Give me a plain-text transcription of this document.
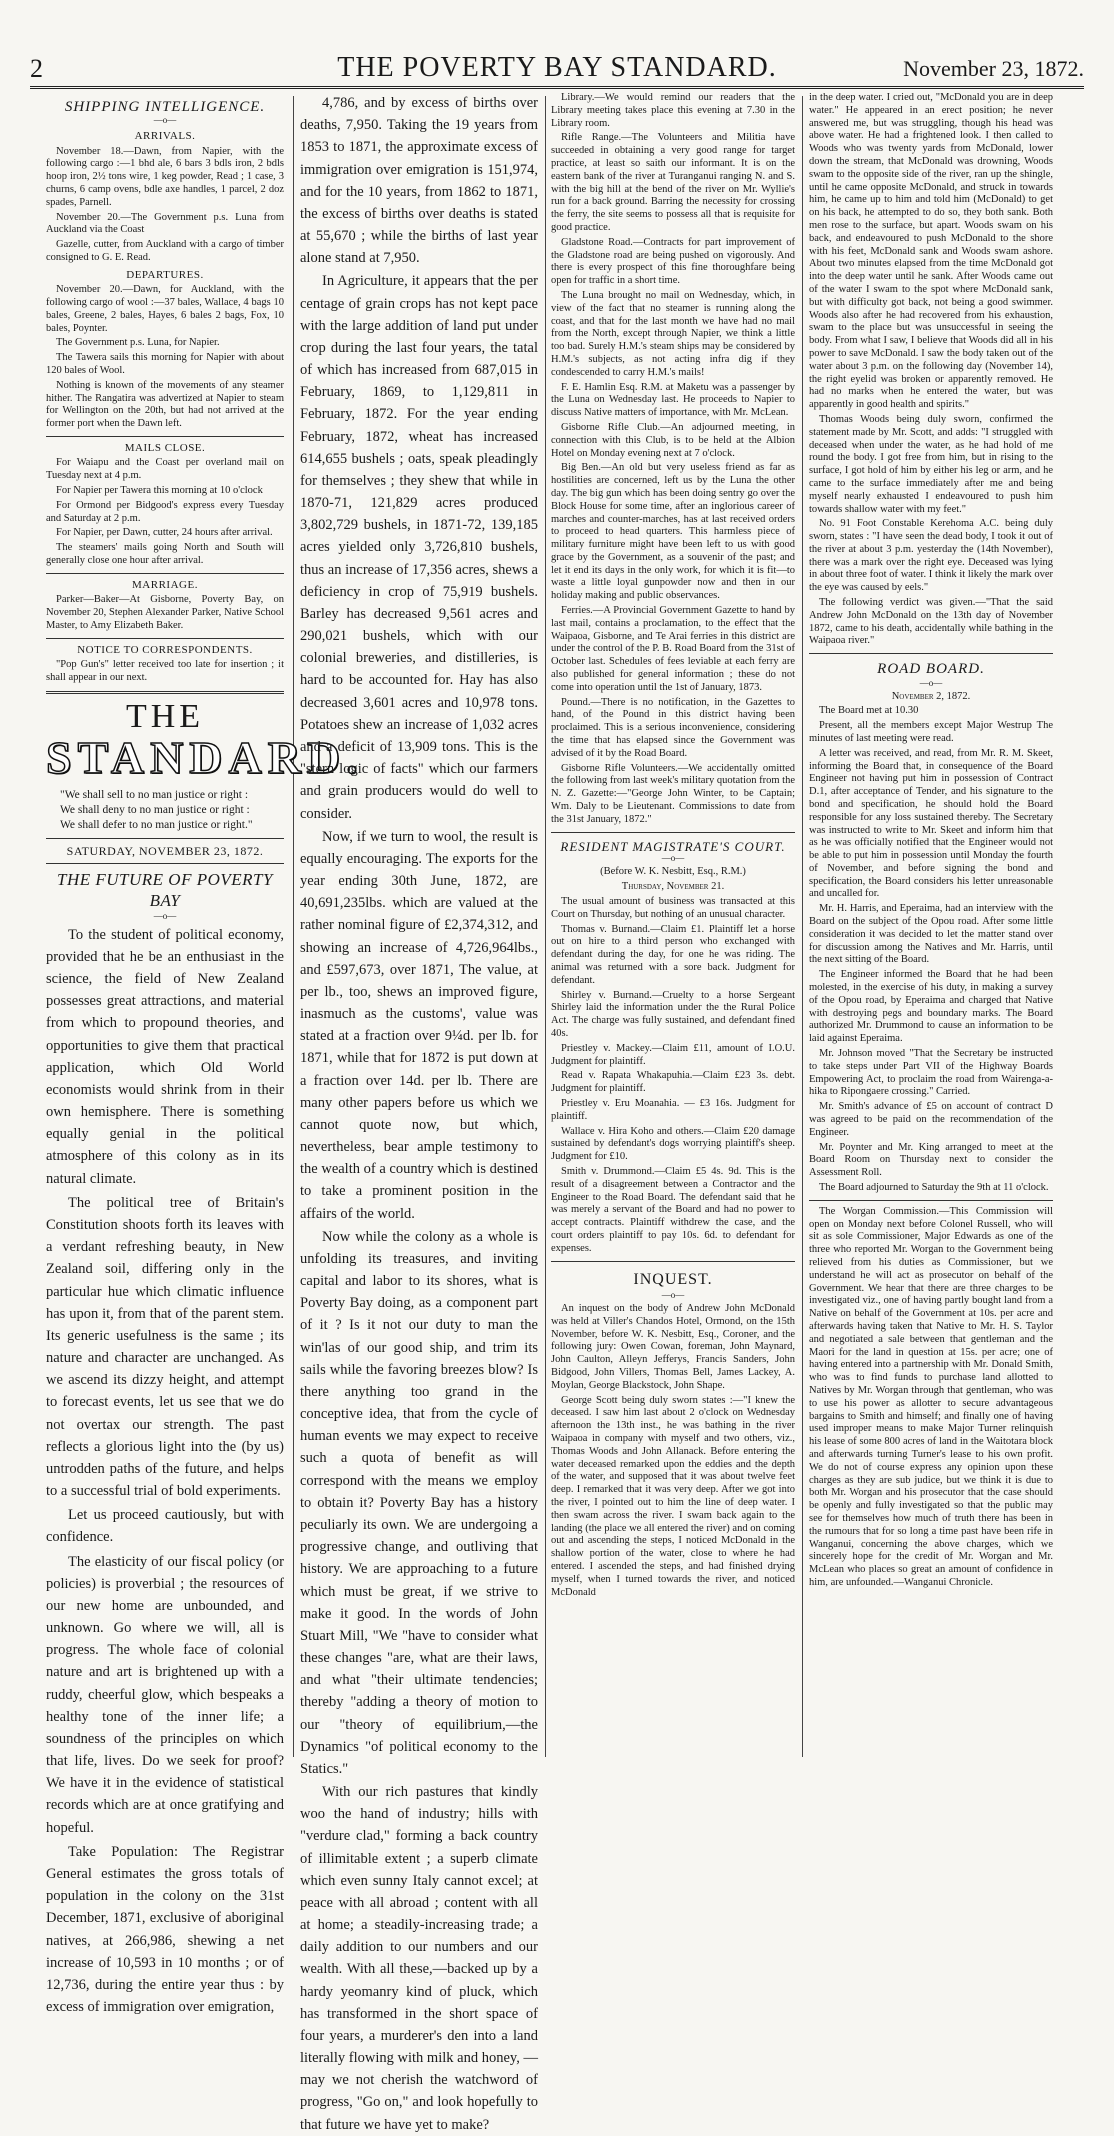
2	THE POVERTY BAY STANDARD.	November 23, 1872.
SHIPPING INTELLIGENCE.
—o—
ARRIVALS.

November 18.—Dawn, from Napier, with the following cargo :—1 bhd ale, 6 bars 3 bdls iron, 2 bdls hoop iron, 2½ tons wire, 1 keg powder, Read ; 1 case, 3 churns, 6 camp ovens, bdle axe handles, 1 parcel, 2 doz spades, Parnell.

November 20.—The Government p.s. Luna from Auckland via the Coast

Gazelle, cutter, from Auckland with a cargo of timber consigned to G. E. Read.

DEPARTURES.

November 20.—Dawn, for Auckland, with the following cargo of wool :—37 bales, Wallace, 4 bags 10 bales, Greene, 2 bales, Hayes, 6 bales 2 bags, Fox, 10 bales, Poynter.

The Government p.s. Luna, for Napier.

The Tawera sails this morning for Napier with about 120 bales of Wool.

Nothing is known of the movements of any steamer hither. The Rangatira was advertized at Napier to steam for Wellington on the 20th, but had not arrived at the former port when the Dawn left.

MAILS CLOSE.

For Waiapu and the Coast per overland mail on Tuesday next at 4 p.m.

For Napier per Tawera this morning at 10 o'clock

For Ormond per Bidgood's express every Tuesday and Saturday at 2 p.m.

For Napier, per Dawn, cutter, 24 hours after arrival.

The steamers' mails going North and South will generally close one hour after arrival.

MARRIAGE.

Parker—Baker—At Gisborne, Poverty Bay, on November 20, Stephen Alexander Parker, Native School Master, to Amy Elizabeth Baker.

NOTICE TO CORRESPONDENTS.

"Pop Gun's" letter received too late for insertion ; it shall appear in our next.

THE
STANDARD.
"We shall sell to no man justice or right :
We shall deny to no man justice or right :
We shall defer to no man justice or right."
SATURDAY, NOVEMBER 23, 1872.
THE FUTURE OF POVERTY BAY
—o—

To the student of political economy, provided that he be an enthusiast in the science, the field of New Zealand possesses great attractions, and material from which to propound theories, and opportunities to give them that practical application, which Old World economists would shrink from in their own hemisphere. There is something equally genial in the political atmosphere of this colony as in its natural climate.

The political tree of Britain's Constitution shoots forth its leaves with a verdant refreshing beauty, in New Zealand soil, differing only in the particular hue which climatic influence has upon it, from that of the parent stem. Its generic usefulness is the same ; its nature and character are unchanged. As we ascend its dizzy height, and attempt to forecast events, let us see that we do not overtax our strength. The past reflects a glorious light into the (by us) untrodden paths of the future, and helps to a successful trial of bold experiments.

Let us proceed cautiously, but with confidence.

The elasticity of our fiscal policy (or policies) is proverbial ; the resources of our new home are unbounded, and unknown. Go where we will, all is progress. The whole face of colonial nature and art is brightened up with a ruddy, cheerful glow, which bespeaks a healthy tone of the inner life; a soundness of the principles on which that life, lives. Do we seek for proof? We have it in the evidence of statistical records which are at once gratifying and hopeful.

Take Population: The Registrar General estimates the gross totals of population in the colony on the 31st December, 1871, exclusive of aboriginal natives, at 266,986, shewing a net increase of 10,593 in 10 months ; or of 12,736, during the entire year thus : by excess of immigration over emigration,

4,786, and by excess of births over deaths, 7,950. Taking the 19 years from 1853 to 1871, the approximate excess of immigration over emigration is 151,974, and for the 10 years, from 1862 to 1871, the excess of births over deaths is stated at 55,670 ; while the births of last year alone stand at 7,950.

In Agriculture, it appears that the per centage of grain crops has not kept pace with the large addition of land put under crop during the last four years, the tatal of which has increased from 687,015 in February, 1869, to 1,129,811 in February, 1872. For the year ending February, 1872, wheat has increased 614,655 bushels ; oats, speak pleadingly for themselves ; they shew that while in 1870-71, 121,829 acres produced 3,802,729 bushels, in 1871-72, 139,185 acres yielded only 3,726,810 bushels, thus an increase of 17,356 acres, shews a deficiency in crop of 75,919 bushels. Barley has decreased 9,561 acres and 290,021 bushels, which with our colonial breweries, and distilleries, is hard to be accounted for. Hay has also decreased 3,601 acres and 10,978 tons. Potatoes shew an increase of 1,032 acres and a deficit of 13,909 tons. This is the "stern logic of facts" which our farmers and grain producers would do well to consider.

Now, if we turn to wool, the result is equally encouraging. The exports for the year ending 30th June, 1872, are 40,691,235lbs. which are valued at the rather nominal figure of £2,374,312, and showing an increase of 4,726,964lbs., and £597,673, over 1871, The value, at per lb., too, shews an improved figure, inasmuch as the customs', value was stated at a fraction over 9¼d. per lb. for 1871, while that for 1872 is put down at a fraction over 14d. per lb. There are many other papers before us which we cannot quote now, but which, nevertheless, bear ample testimony to the wealth of a country which is destined to take a prominent position in the affairs of the world.

Now while the colony as a whole is unfolding its treasures, and inviting capital and labor to its shores, what is Poverty Bay doing, as a component part of it ? Is it not our duty to man the win'las of our good ship, and trim its sails while the favoring breezes blow? Is there anything too grand in the conceptive idea, that from the cycle of human events we may expect to receive such a quota of benefit as will correspond with the means we employ to obtain it? Poverty Bay has a history peculiarly its own. We are undergoing a progressive change, and outliving that history. We are approaching to a future which must be great, if we strive to make it good. In the words of John Stuart Mill, "We "have to consider what these changes "are, what are their laws, and what "their ultimate tendencies; thereby "adding a theory of motion to our "theory of equilibrium,—the Dynamics "of political economy to the Statics."

With our rich pastures that kindly woo the hand of industry; hills with "verdure clad," forming a back country of illimitable extent ; a superb climate which even sunny Italy cannot excel; at peace with all abroad ; content with all at home; a steadily-increasing trade; a daily addition to our numbers and our wealth. With all these,—backed up by a hardy yeomanry kind of pluck, which has transformed in the short space of four years, a murderer's den into a land literally flowing with milk and honey, —may we not cherish the watchword of progress, "Go on," and look hopefully to that future we have yet to make?

Library.—We would remind our readers that the Library meeting takes place this evening at 7.30 in the Library room.

Rifle Range.—The Volunteers and Militia have succeeded in obtaining a very good range for target practice, at least so saith our informant. It is on the eastern bank of the river at Turanganui ranging N. and S. with the big hill at the bend of the river on Mr. Wyllie's run for a back ground. Barring the necessity for crossing the ferry, the site seems to possess all that is requisite for good practice.

Gladstone Road.—Contracts for part improvement of the Gladstone road are being pushed on vigorously. And there is every prospect of this fine thoroughfare being open for traffic in a short time.

The Luna brought no mail on Wednesday, which, in view of the fact that no steamer is running along the coast, and that for the last month we have had no mail from the North, except through Napier, we think a little too bad. Surely H.M.'s steam ships may be considered by H.M.'s subjects, as not acting infra dig if they condescended to carry H.M.'s mails!

F. E. Hamlin Esq. R.M. at Maketu was a passenger by the Luna on Wednesday last. He proceeds to Napier to discuss Native matters of importance, with Mr. McLean.

Gisborne Rifle Club.—An adjourned meeting, in connection with this Club, is to be held at the Albion Hotel on Monday evening next at 7 o'clock.

Big Ben.—An old but very useless friend as far as hostilities are concerned, left us by the Luna the other day. The big gun which has been doing sentry go over the Block House for some time, after an inglorious career of marches and counter-marches, has at last received orders to proceed to head quarters. This harmless piece of military furniture might have been left to us with good grace by the Government, as a souvenir of the past; and let it end its days in the only work, for which it is fit—to waste a little loyal gunpowder now and then in our holiday making and public observances.

Ferries.—A Provincial Government Gazette to hand by last mail, contains a proclamation, to the effect that the Waipaoa, Gisborne, and Te Arai ferries in this district are under the control of the P. B. Road Board from the 31st of October last. Schedules of fees leviable at each ferry are also published for general information ; these do not come into operation until the 1st of January, 1873.

Pound.—There is no notification, in the Gazettes to hand, of the Pound in this district having been proclaimed. This is a serious inconvenience, considering the time that has elapsed since the Government was advised of it by the Road Board.

Gisborne Rifle Volunteers.—We accidentally omitted the following from last week's military quotation from the N. Z. Gazette:—"George John Winter, to be Captain; Wm. Daly to be Lieutenant. Commissions to date from the 31st January, 1872."

RESIDENT MAGISTRATE'S COURT.
—o—

(Before W. K. Nesbitt, Esq., R.M.)

Thursday, November 21.

The usual amount of business was transacted at this Court on Thursday, but nothing of an unusual character.

Thomas v. Burnand.—Claim £1. Plaintiff let a horse out on hire to a third person who exchanged with defendant during the day, for one he was riding. The animal was returned with a sore back. Judgment for defendant.

Shirley v. Burnand.—Cruelty to a horse Sergeant Shirley laid the information under the the Rural Police Act. The charge was fully sustained, and defendant fined 40s.

Priestley v. Mackey.—Claim £11, amount of I.O.U. Judgment for plaintiff.

Read v. Rapata Whakapuhia.—Claim £23 3s. debt. Judgment for plaintiff.

Priestley v. Eru Moanahia. — £3 16s. Judgment for plaintiff.

Wallace v. Hira Koho and others.—Claim £20 damage sustained by defendant's dogs worrying plaintiff's sheep. Judgment for £10.

Smith v. Drummond.—Claim £5 4s. 9d. This is the result of a disagreement between a Contractor and the Engineer to the Road Board. The defendant said that he was merely a servant of the Board and had no power to accept contracts. Plaintiff withdrew the case, and the court orders plaintiff to pay 10s. 6d. to defendant for expenses.

INQUEST.
—o—

An inquest on the body of Andrew John McDonald was held at Viller's Chandos Hotel, Ormond, on the 15th November, before W. K. Nesbitt, Esq., Coroner, and the following jury: Owen Cowan, foreman, John Maynard, John Caulton, Alleyn Jefferys, Francis Sanders, John Bidgood, John Villers, Thomas Bell, James Lackey, A. Moylan, George Blackstock, John Shape.

George Scott being duly sworn states :—"I knew the deceased. I saw him last about 2 o'clock on Wednesday afternoon the 13th inst., he was bathing in the river Waipaoa in company with myself and two others, viz., Thomas Woods and John Allanack. Before entering the water deceased remarked upon the eddies and the depth of the water, and supposed that it was about twelve feet deep. I remarked that it was very deep. After we got into the river, I pointed out to him the line of deep water. I then swam across the river. I swam back again to the landing (the place we all entered the river) and on coming out and ascending the steps, I noticed McDonald in the shallow portion of the water, close to where he had entered. I ascended the steps, and had finished drying myself, when I turned towards the river, and noticed McDonald

in the deep water. I cried out, "McDonald you are in deep water." He appeared in an erect position; he never answered me, but was struggling, though his head was above water. He had a frightened look. I then called to Woods who was twenty yards from McDonald, lower down the stream, that McDonald was drowning, Woods swam to the opposite side of the river, ran up the shingle, until he came opposite McDonald, and struck in towards him, he came up to him and told him (McDonald) to get on his back, he attempted to do so, they both sank. Both men rose to the surface, but apart. Woods swam on his back, and endeavoured to push McDonald to the shore with his feet, McDonald sank and Woods swam ashore. About two minutes elapsed from the time McDonald got into the deep water until he sank. After Woods came out of the water I swam to the spot where McDonald sank, but with difficulty got back, not being a good swimmer. Woods also after he had recovered from his exhaustion, swam to the place but was unsuccessful in seeing the body. From what I saw, I believe that Woods did all in his power to save McDonald. I saw the body taken out of the water about 3 p.m. on the following day (November 14), the right eyelid was broken or apparently removed. He had no marks when he entered the water, but was apparently in good health and spirits."

Thomas Woods being duly sworn, confirmed the statement made by Mr. Scott, and adds: "I struggled with deceased when under the water, as he had hold of me round the body. I got free from him, but in rising to the surface, I got hold of him by either his leg or arm, and he came to the surface immediately after me and being myself nearly exhausted I endeavoured to push him towards shallow water with my feet."

No. 91 Foot Constable Kerehoma A.C. being duly sworn, states : "I have seen the dead body, I took it out of the river at about 3 p.m. yesterday the (14th November), there was a mark over the right eye. Deceased was lying in about three foot of water. I think it likely the mark over the eye was caused by eels."

The following verdict was given.—"That the said Andrew John McDonald on the 13th day of November 1872, came to his death, accidentally while bathing in the Waipaoa river."

ROAD BOARD.
—o—

November 2, 1872.

The Board met at 10.30

Present, all the members except Major Westrup The minutes of last meeting were read.

A letter was received, and read, from Mr. R. M. Skeet, informing the Board that, in consequence of the Board Engineer not having put him in possession of Contract D.1, after acceptance of Tender, and his signature to the bond and specification, he should hold the Board responsible for any loss sustained thereby. The Secretary was instructed to write to Mr. Skeet and inform him that as he was officially notified that the Engineer would not be able to put him in possession until Monday the fourth of November, and before signing the bond and specification, the Board considers his letter unreasonable and uncalled for.

Mr. H. Harris, and Eperaima, had an interview with the Board on the subject of the Opou road. After some little consideration it was decided to let the matter stand over for discussion among the Natives and Mr. Harris, until the next sitting of the Board.

The Engineer informed the Board that he had been molested, in the exercise of his duty, in making a survey of the Opou road, by Eperaima and charged that Native with destroying pegs and boundary marks. The Board authorized Mr. Drummond to cause an information to be laid against Eperaima.

Mr. Johnson moved "That the Secretary be instructed to take steps under Part VII of the Highway Boards Empowering Act, to proclaim the road from Wairenga-a-hika to Ripongaere crossing." Carried.

Mr. Smith's advance of £5 on account of contract D was agreed to be paid on the recommendation of the Engineer.

Mr. Poynter and Mr. King arranged to meet at the Board Room on Thursday next to consider the Assessment Roll.

The Board adjourned to Saturday the 9th at 11 o'clock.

The Worgan Commission.—This Commission will open on Monday next before Colonel Russell, who will sit as sole Commissioner, Major Edwards as one of the three who reported Mr. Worgan to the Government being relieved from his duties as Commissioner, but we understand he will act as prosecutor on behalf of the Government. We hear that there are three charges to be investigated viz., one of having partly bought land from a Native on behalf of the Government at 10s. per acre and afterwards having taken that Native to Mr. H. S. Taylor and negotiated a sale between that gentleman and the Maori for the land in question at 15s. per acre; one of having entered into a partnership with Mr. Donald Smith, who was to find funds to purchase land allotted to Natives by Mr. Worgan through that gentleman, who was to use his power as allotter to secure advantageous bargains to Smith and himself; and finally one of having used improper means to make Major Turner relinquish his lease of some 800 acres of land in the Waitotara block and afterwards turning Turner's lease to his own profit. We do not of course express any opinion upon these charges as they are sub judice, but we think it is due to both Mr. Worgan and his prosecutor that the case should be openly and fully investigated so that the public may see for themselves how much of truth there has been in the rumours that for so long a time past have been rife in Wanganui, concerning the above charges, which we sincerely hope for the credit of Mr. Worgan and Mr. McLean who places so great an amount of confidence in him, are unfounded.—Wanganui Chronicle.
